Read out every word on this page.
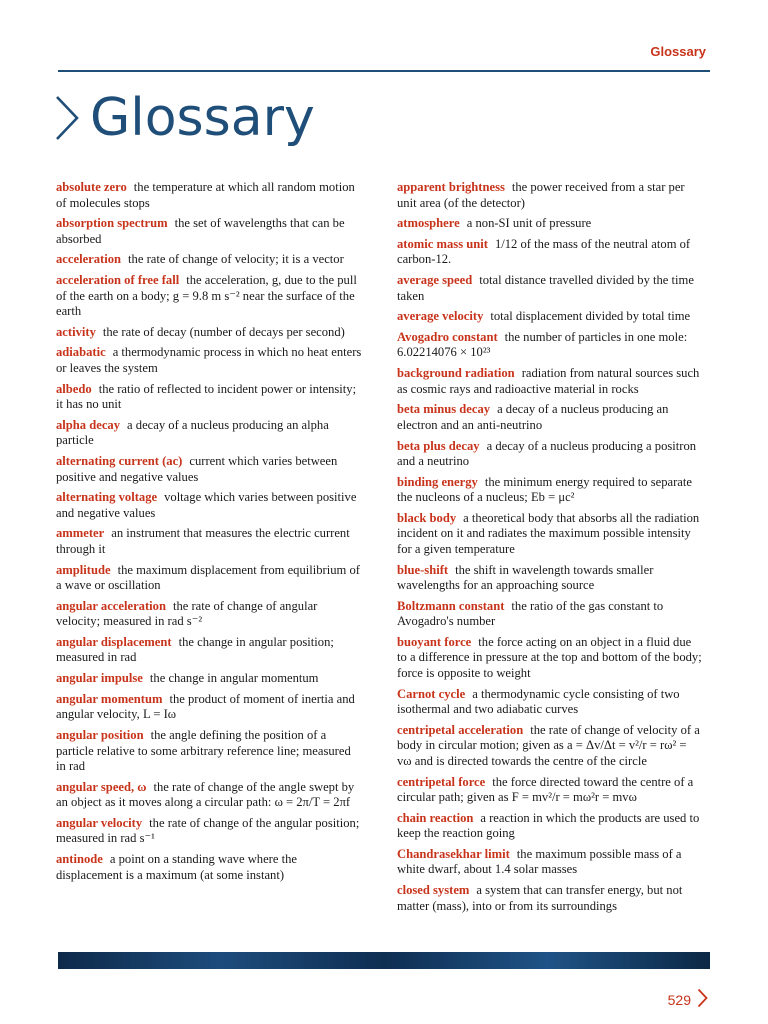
Glossary
Glossary

absolute zero the temperature at which all random motion of molecules stops

absorption spectrum the set of wavelengths that can be absorbed

acceleration the rate of change of velocity; it is a vector

acceleration of free fall the acceleration, g, due to the pull of the earth on a body; g = 9.8 m s⁻² near the surface of the earth

activity the rate of decay (number of decays per second)

adiabatic a thermodynamic process in which no heat enters or leaves the system

albedo the ratio of reflected to incident power or intensity; it has no unit

alpha decay a decay of a nucleus producing an alpha particle

alternating current (ac) current which varies between positive and negative values

alternating voltage voltage which varies between positive and negative values

ammeter an instrument that measures the electric current through it

amplitude the maximum displacement from equilibrium of a wave or oscillation

angular acceleration the rate of change of angular velocity; measured in rad s⁻²

angular displacement the change in angular position; measured in rad

angular impulse the change in angular momentum

angular momentum the product of moment of inertia and angular velocity, L = Iω

angular position the angle defining the position of a particle relative to some arbitrary reference line; measured in rad

angular speed, ω the rate of change of the angle swept by an object as it moves along a circular path: ω = 2π/T = 2πf

angular velocity the rate of change of the angular position; measured in rad s⁻¹

antinode a point on a standing wave where the displacement is a maximum (at some instant)

apparent brightness the power received from a star per unit area (of the detector)

atmosphere a non-SI unit of pressure

atomic mass unit 1/12 of the mass of the neutral atom of carbon-12.

average speed total distance travelled divided by the time taken

average velocity total displacement divided by total time

Avogadro constant the number of particles in one mole: 6.02214076 × 10²³

background radiation radiation from natural sources such as cosmic rays and radioactive material in rocks

beta minus decay a decay of a nucleus producing an electron and an anti-neutrino

beta plus decay a decay of a nucleus producing a positron and a neutrino

binding energy the minimum energy required to separate the nucleons of a nucleus; Eb = μc²

black body a theoretical body that absorbs all the radiation incident on it and radiates the maximum possible intensity for a given temperature

blue-shift the shift in wavelength towards smaller wavelengths for an approaching source

Boltzmann constant the ratio of the gas constant to Avogadro's number

buoyant force the force acting on an object in a fluid due to a difference in pressure at the top and bottom of the body; force is opposite to weight

Carnot cycle a thermodynamic cycle consisting of two isothermal and two adiabatic curves

centripetal acceleration the rate of change of velocity of a body in circular motion; given as a = Δv/Δt = v²/r = rω² = vω and is directed towards the centre of the circle

centripetal force the force directed toward the centre of a circular path; given as F = mv²/r = mω²r = mvω

chain reaction a reaction in which the products are used to keep the reaction going

Chandrasekhar limit the maximum possible mass of a white dwarf, about 1.4 solar masses

closed system a system that can transfer energy, but not matter (mass), into or from its surroundings

529
